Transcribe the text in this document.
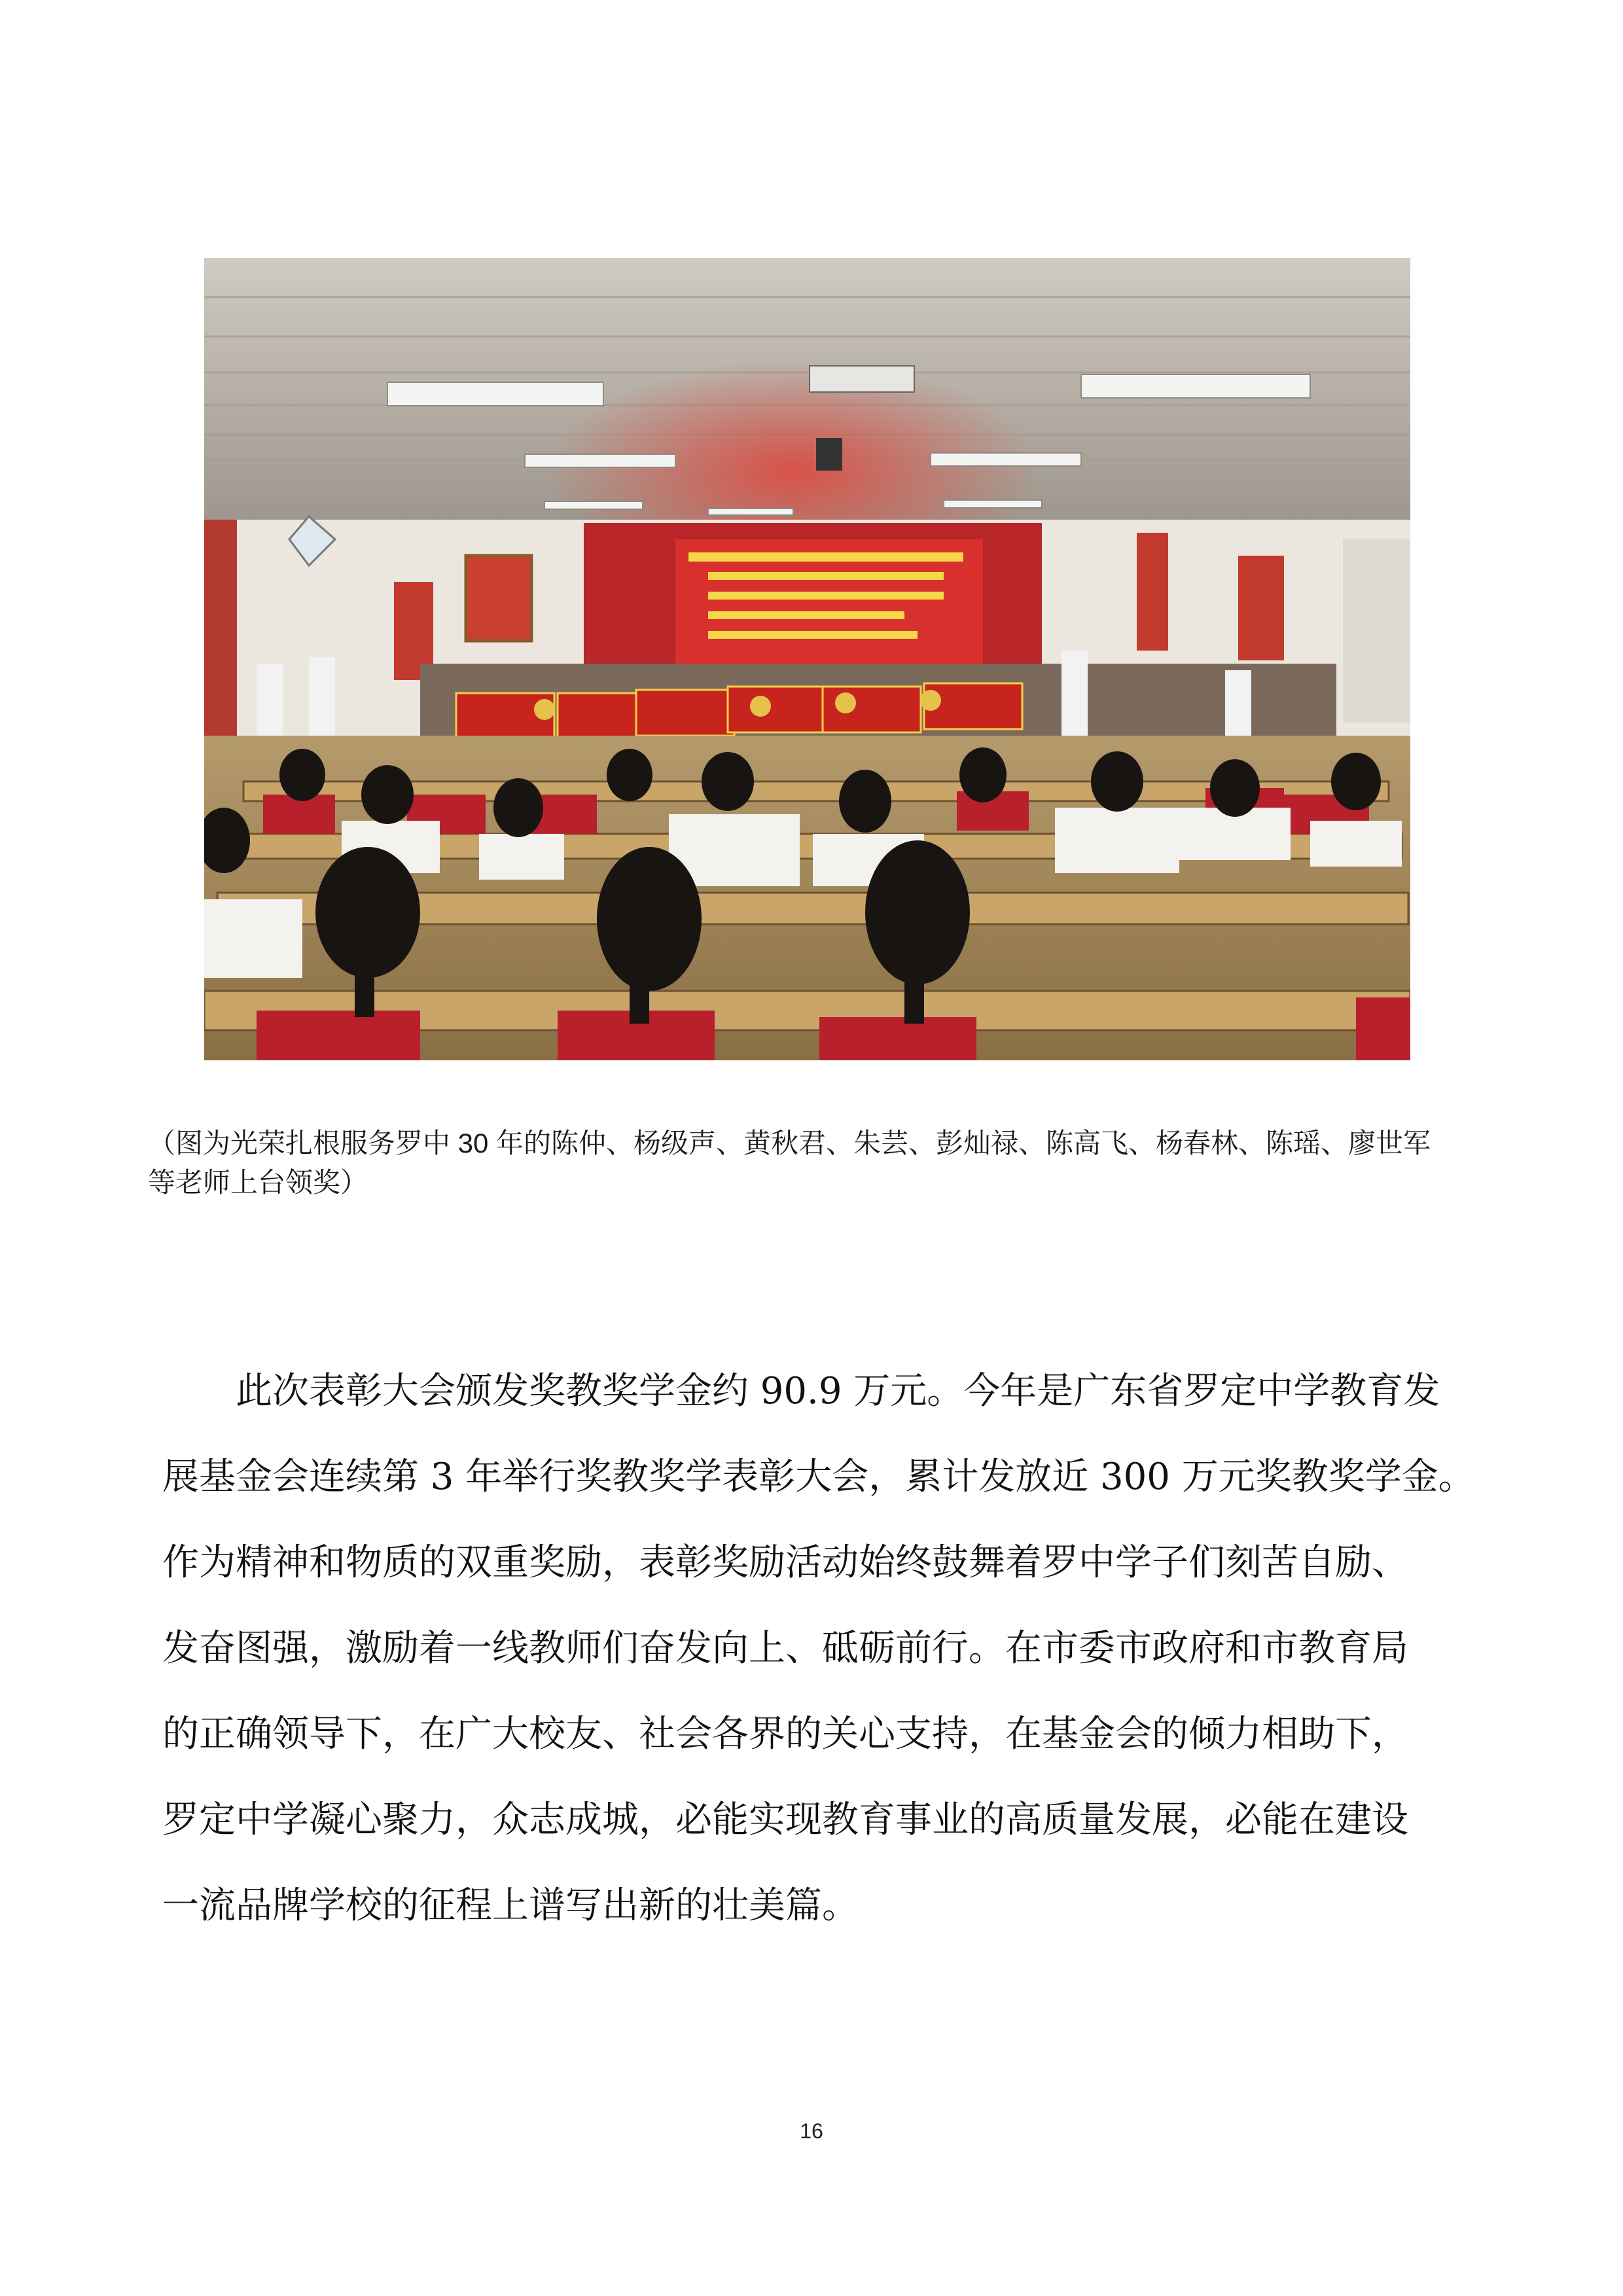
（图为光荣扎根服务罗中 30 年的陈仲、杨级声、黄秋君、朱芸、彭灿禄、陈高飞、杨春林、陈瑶、廖世军

等老师上台领奖）

此次表彰大会颁发奖教奖学金约 90.9 万元。今年是广东省罗定中学教育发

展基金会连续第 3 年举行奖教奖学表彰大会，累计发放近 300 万元奖教奖学金。

作为精神和物质的双重奖励，表彰奖励活动始终鼓舞着罗中学子们刻苦自励、

发奋图强，激励着一线教师们奋发向上、砥砺前行。在市委市政府和市教育局

的正确领导下，在广大校友、社会各界的关心支持，在基金会的倾力相助下，

罗定中学凝心聚力，众志成城，必能实现教育事业的高质量发展，必能在建设

一流品牌学校的征程上谱写出新的壮美篇。

16
